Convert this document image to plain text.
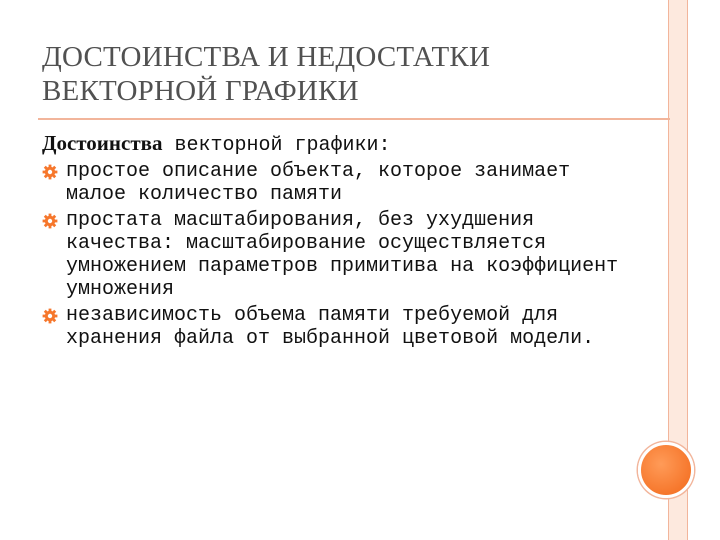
ДОСТОИНСТВА И НЕДОСТАТКИ
ВЕКТОРНОЙ ГРАФИКИ
Достоинства векторной графики:
простое описание объекта, которое занимает малое количество памяти
простата масштабирования, без ухудшения качества: масштабирование осуществляется умножением параметров примитива на коэффициент умножения
независимость объема памяти требуемой для хранения файла от выбранной цветовой модели.
